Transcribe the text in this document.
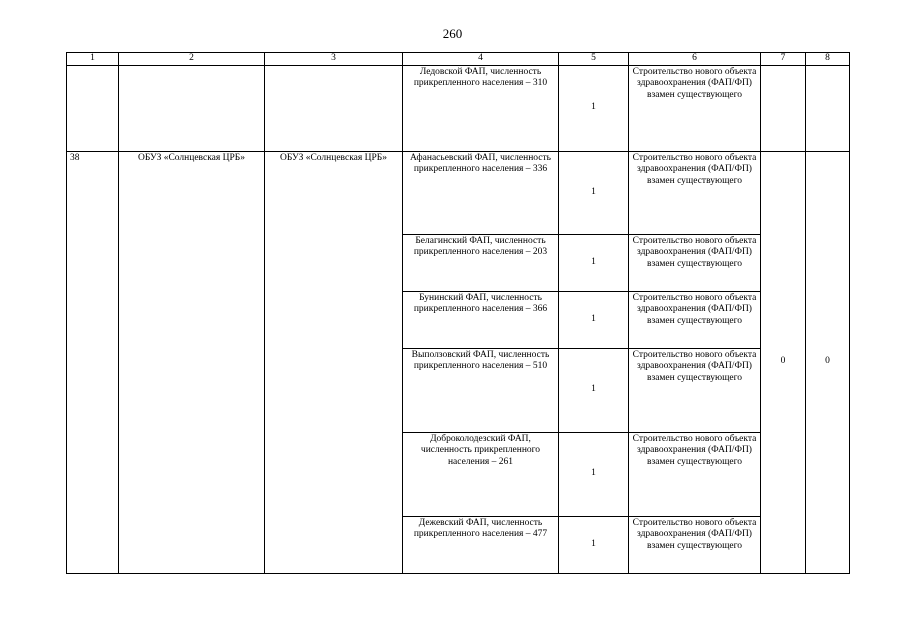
260
1	2	3	4	5	6	7	8
			Ледовской ФАП, численность прикрепленного населения – 310	1	Строительство нового объекта здравоохранения (ФАП/ФП) взамен существующего		
38	ОБУЗ «Солнцевская ЦРБ»	ОБУЗ «Солнцевская ЦРБ»	Афанасьевский ФАП, численность прикрепленного населения – 336	1	Строительство нового объекта здравоохранения (ФАП/ФП) взамен существующего	0	0
			Белагинский ФАП, численность прикрепленного населения – 203	1	Строительство нового объекта здравоохранения (ФАП/ФП) взамен существующего		
			Бунинский ФАП, численность прикрепленного населения – 366	1	Строительство нового объекта здравоохранения (ФАП/ФП) взамен существующего		
			Выползовский ФАП, численность прикрепленного населения – 510	1	Строительство нового объекта здравоохранения (ФАП/ФП) взамен существующего		
			Доброколодезский ФАП, численность прикрепленного населения – 261	1	Строительство нового объекта здравоохранения (ФАП/ФП) взамен существующего		
			Дежевский ФАП, численность прикрепленного населения – 477	1	Строительство нового объекта здравоохранения (ФАП/ФП) взамен существующего		
